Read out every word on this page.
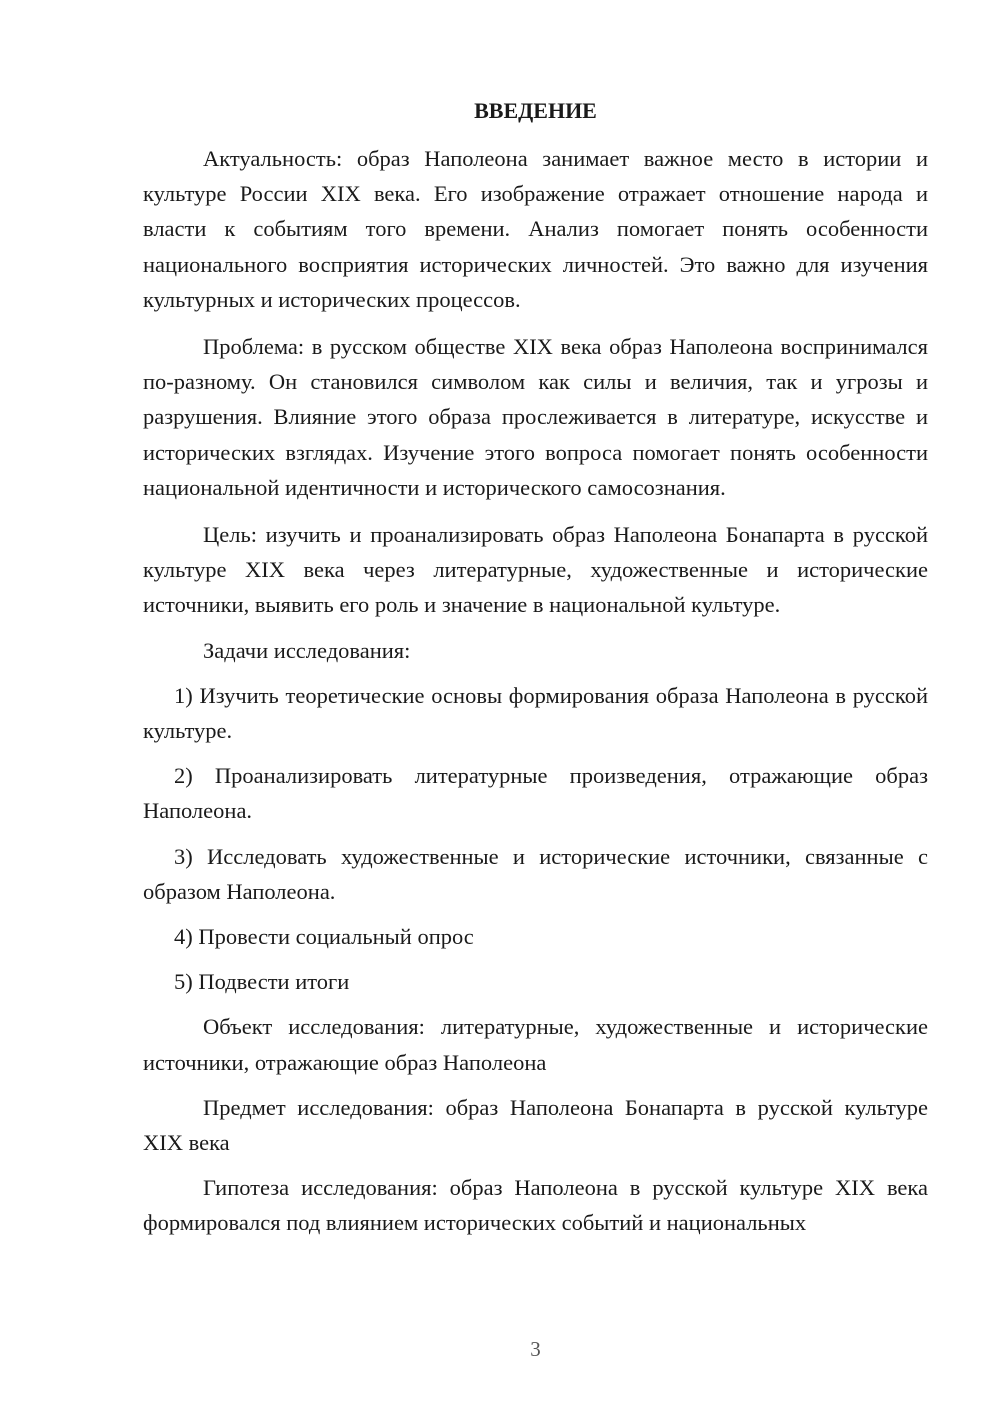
ВВЕДЕНИЕ

Актуальность: образ Наполеона занимает важное место в истории и культуре России XIX века. Его изображение отражает отношение народа и власти к событиям того времени. Анализ помогает понять особенности национального восприятия исторических личностей. Это важно для изучения культурных и исторических процессов.

Проблема: в русском обществе XIX века образ Наполеона воспринимался по-разному. Он становился символом как силы и величия, так и угрозы и разрушения. Влияние этого образа прослеживается в литературе, искусстве и исторических взглядах. Изучение этого вопроса помогает понять особенности национальной идентичности и исторического самосознания.

Цель: изучить и проанализировать образ Наполеона Бонапарта в русской культуре XIX века через литературные, художественные и исторические источники, выявить его роль и значение в национальной культуре.

Задачи исследования:

1) Изучить теоретические основы формирования образа Наполеона в русской культуре.

2) Проанализировать литературные произведения, отражающие образ Наполеона.

3) Исследовать художественные и исторические источники, связанные с образом Наполеона.

4) Провести социальный опрос

5) Подвести итоги

Объект исследования: литературные, художественные и исторические источники, отражающие образ Наполеона

Предмет исследования: образ Наполеона Бонапарта в русской культуре XIX века

Гипотеза исследования: образ Наполеона в русской культуре XIX века формировался под влиянием исторических событий и национальных

3
